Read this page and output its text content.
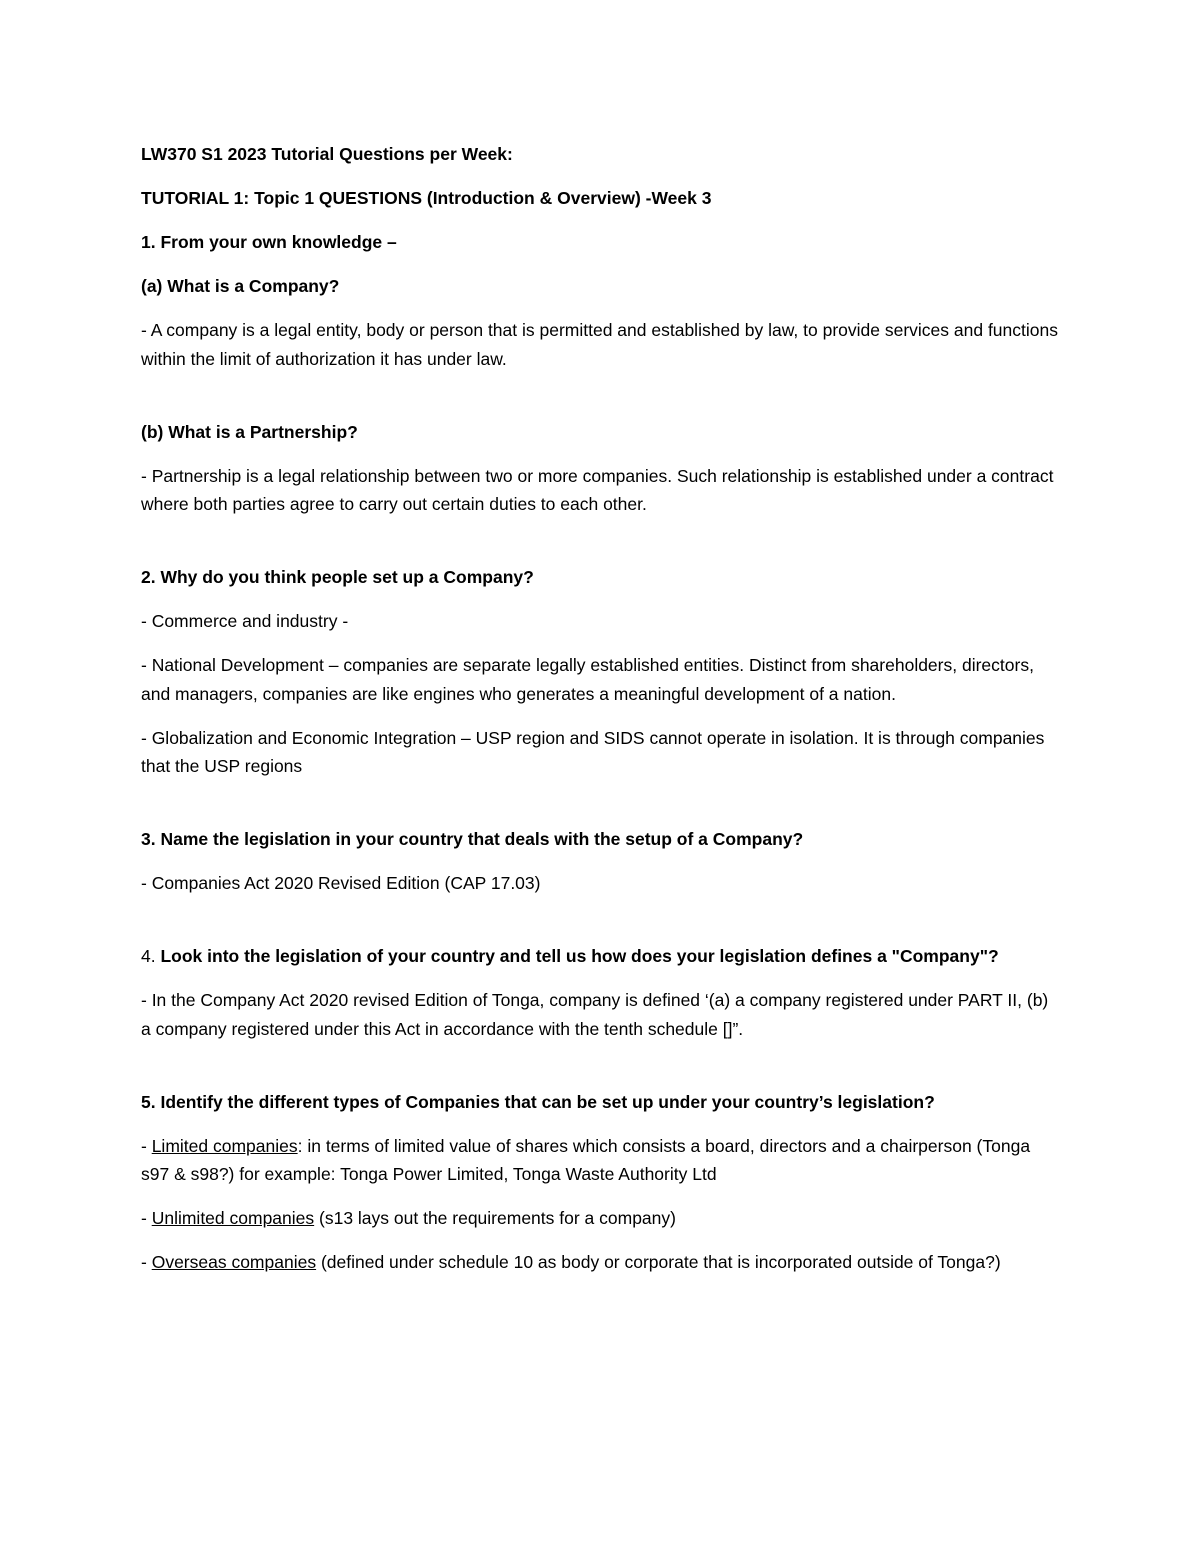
LW370 S1 2023 Tutorial Questions per Week:

TUTORIAL 1: Topic 1 QUESTIONS (Introduction & Overview) -Week 3

1. From your own knowledge –

(a) What is a Company?

- A company is a legal entity, body or person that is permitted and established by law, to provide services and functions within the limit of authorization it has under law.

(b) What is a Partnership?

- Partnership is a legal relationship between two or more companies. Such relationship is established under a contract where both parties agree to carry out certain duties to each other.

2. Why do you think people set up a Company?

- Commerce and industry -

- National Development – companies are separate legally established entities. Distinct from shareholders, directors, and managers, companies are like engines who generates a meaningful development of a nation.

- Globalization and Economic Integration – USP region and SIDS cannot operate in isolation. It is through companies that the USP regions

3. Name the legislation in your country that deals with the setup of a Company?

- Companies Act 2020 Revised Edition (CAP 17.03)

4. Look into the legislation of your country and tell us how does your legislation defines a "Company"?

- In the Company Act 2020 revised Edition of Tonga, company is defined ‘(a) a company registered under PART II, (b) a company registered under this Act in accordance with the tenth schedule []”.

5. Identify the different types of Companies that can be set up under your country’s legislation?

- Limited companies: in terms of limited value of shares which consists a board, directors and a chairperson (Tonga s97 & s98?) for example: Tonga Power Limited, Tonga Waste Authority Ltd

- Unlimited companies (s13 lays out the requirements for a company)

- Overseas companies (defined under schedule 10 as body or corporate that is incorporated outside of Tonga?)
